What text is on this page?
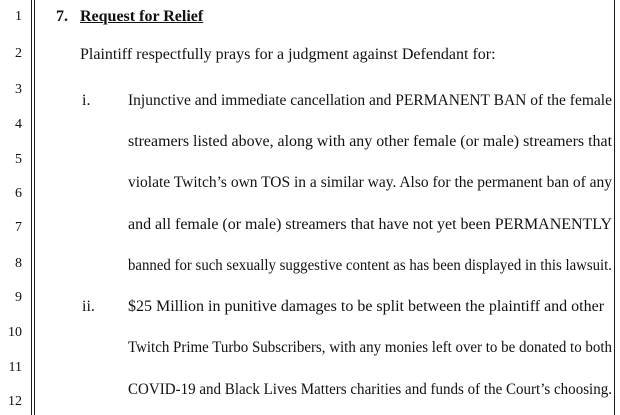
1
2
3
4
5
6
7
8
9
10
11
12
7. Request for Relief
Plaintiff respectfully prays for a judgment against Defendant for:
i. Injunctive and immediate cancellation and PERMANENT BAN of the female
streamers listed above, along with any other female (or male) streamers that
violate Twitch’s own TOS in a similar way. Also for the permanent ban of any
and all female (or male) streamers that have not yet been PERMANENTLY
banned for such sexually suggestive content as has been displayed in this lawsuit.
ii. $25 Million in punitive damages to be split between the plaintiff and other
Twitch Prime Turbo Subscribers, with any monies left over to be donated to both
COVID-19 and Black Lives Matters charities and funds of the Court’s choosing.
